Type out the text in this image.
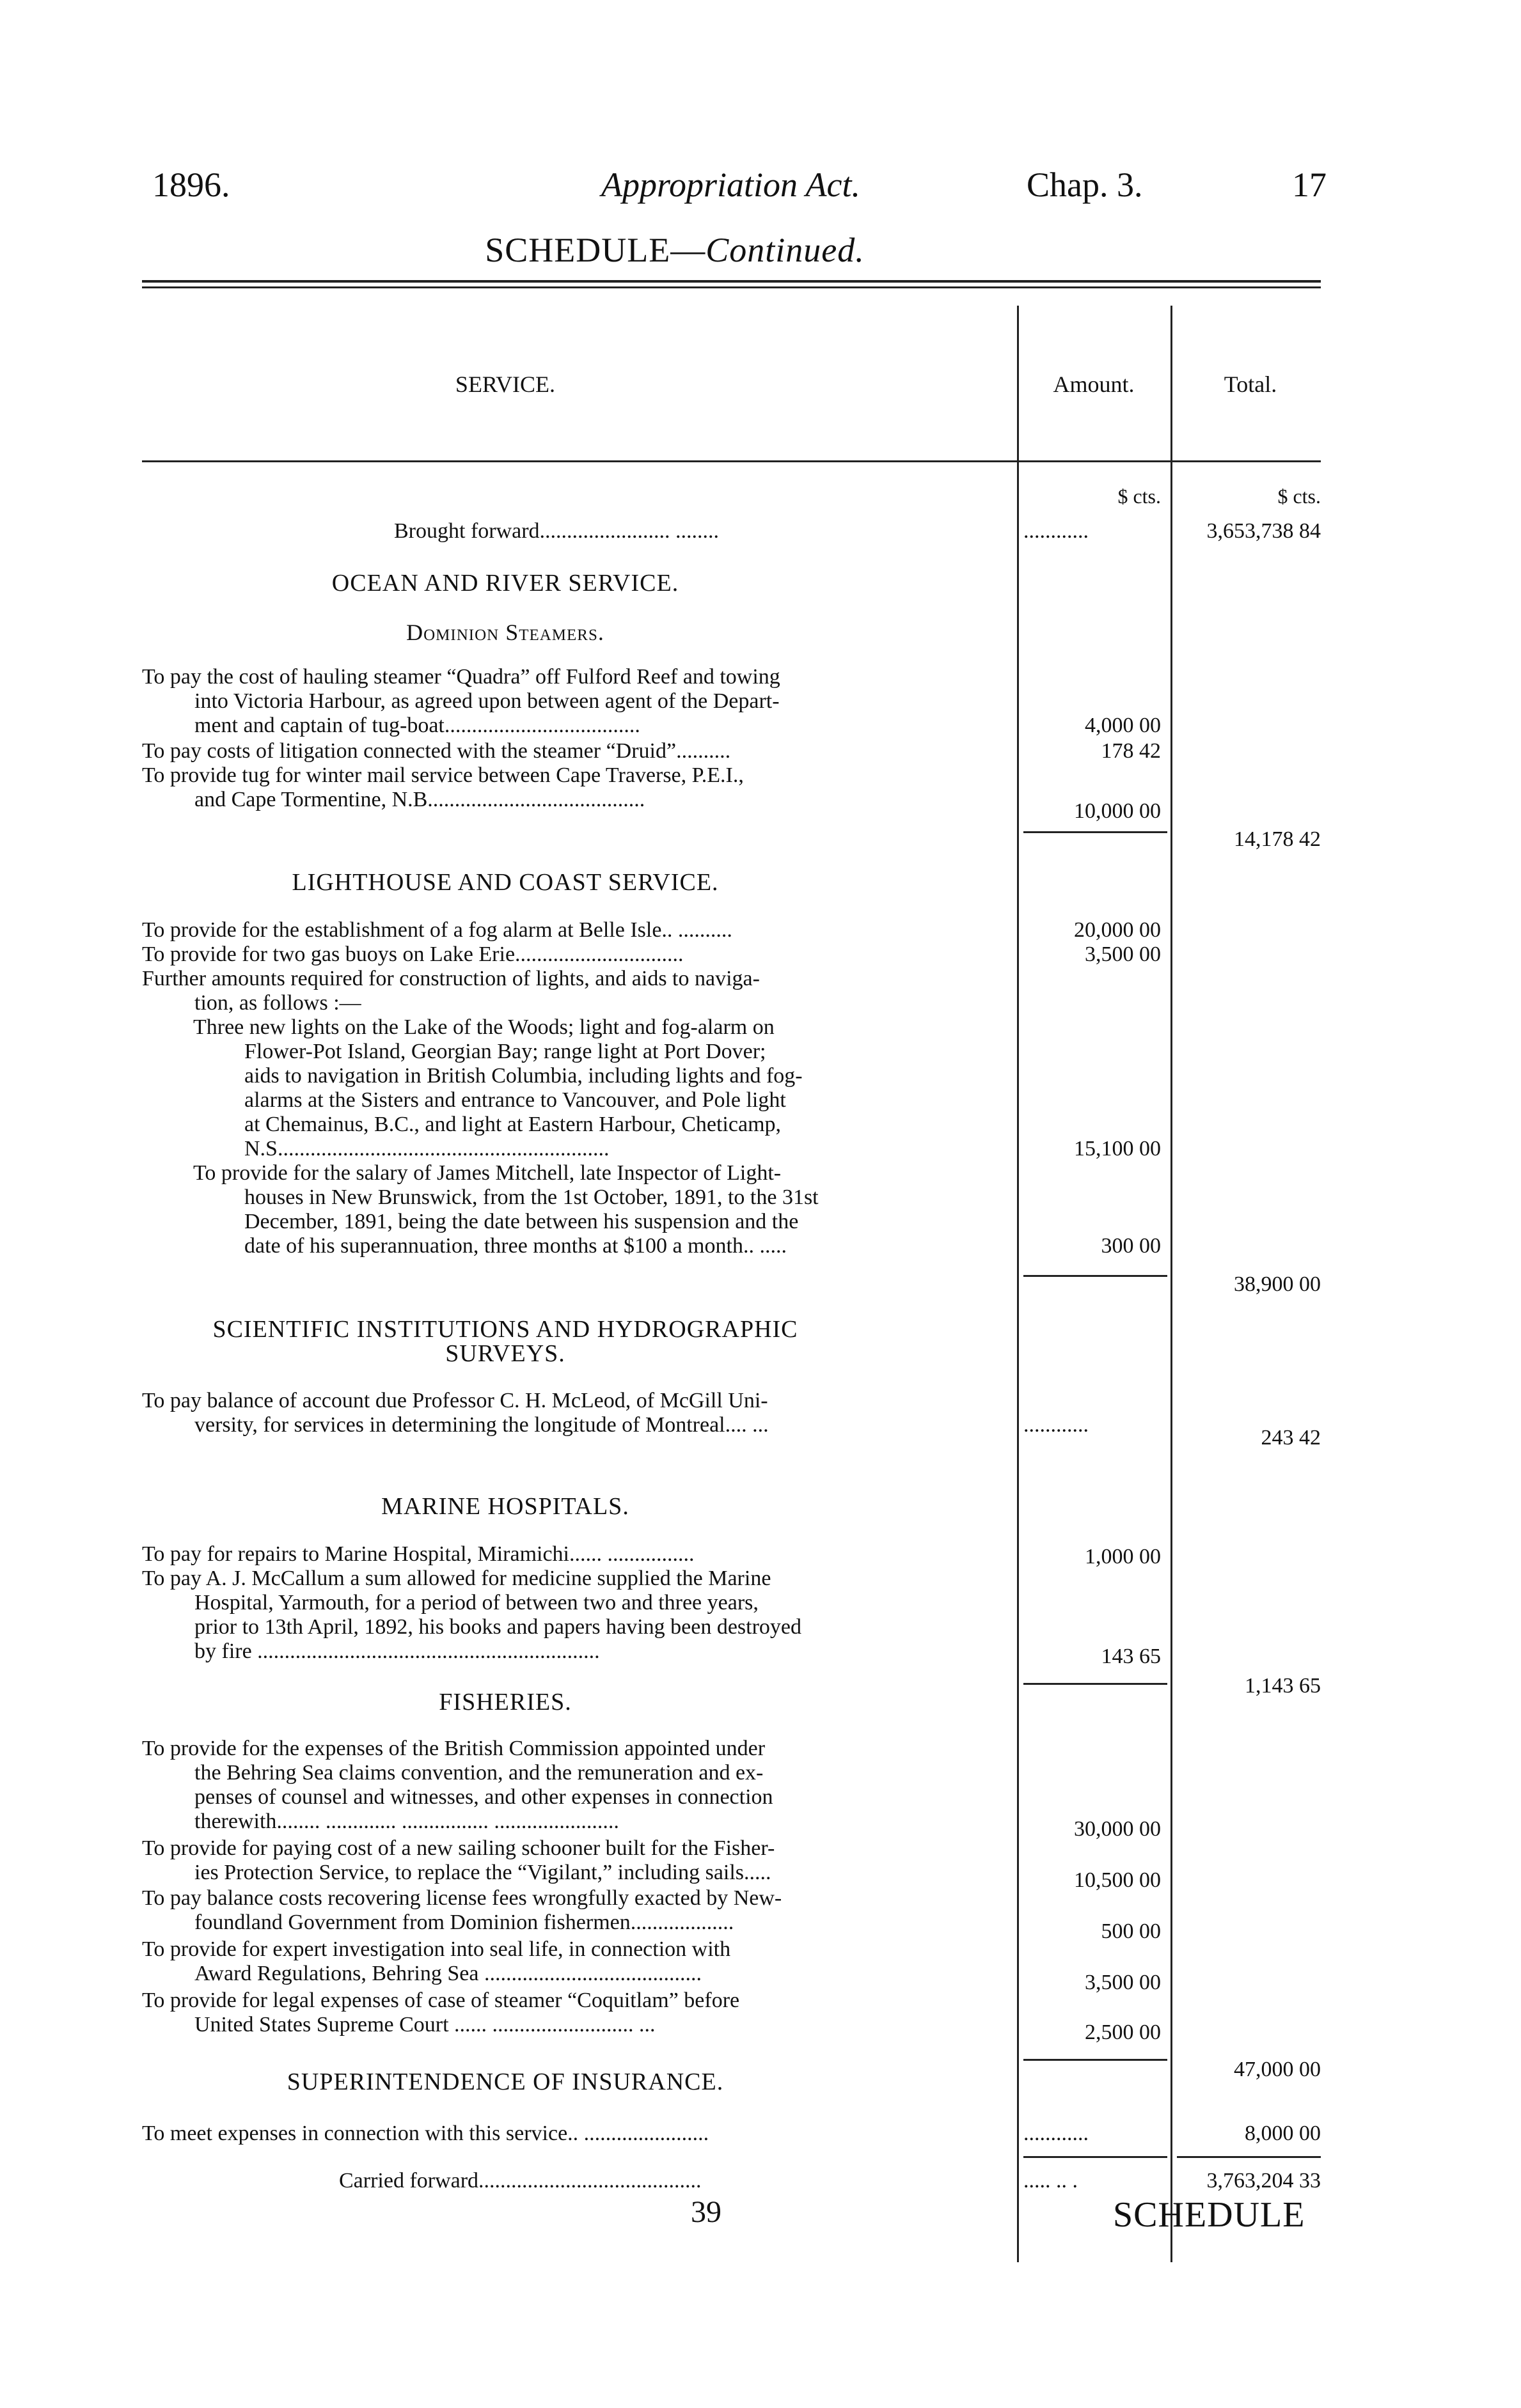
1896.	Appropriation Act.	Chap. 3.	17
SCHEDULE—Continued.
SERVICE.	Amount.	Total.
$ cts.	$ cts.
Brought forward........................ ........	............	3,653,738 84
OCEAN AND RIVER SERVICE.
Dominion Steamers.
To pay the cost of hauling steamer “Quadra” off Fulford Reef and towing
into Victoria Harbour, as agreed upon between agent of the Depart-
ment and captain of tug-boat....................................	4,000 00
To pay costs of litigation connected with the steamer “Druid”..........	178 42
To provide tug for winter mail service between Cape Traverse, P.E.I.,
and Cape Tormentine, N.B........................................	10,000 00
14,178 42
LIGHTHOUSE AND COAST SERVICE.
To provide for the establishment of a fog alarm at Belle Isle.. ..........	20,000 00
To provide for two gas buoys on Lake Erie...............................	3,500 00
Further amounts required for construction of lights, and aids to naviga-
tion, as follows :—
Three new lights on the Lake of the Woods; light and fog-alarm on
Flower-Pot Island, Georgian Bay; range light at Port Dover;
aids to navigation in British Columbia, including lights and fog-
alarms at the Sisters and entrance to Vancouver, and Pole light
at Chemainus, B.C., and light at Eastern Harbour, Cheticamp,
N.S.............................................................	15,100 00
To provide for the salary of James Mitchell, late Inspector of Light-
houses in New Brunswick, from the 1st October, 1891, to the 31st
December, 1891, being the date between his suspension and the
date of his superannuation, three months at $100 a month.. .....	300 00
38,900 00
SCIENTIFIC INSTITUTIONS AND HYDROGRAPHIC
SURVEYS.
To pay balance of account due Professor C. H. McLeod, of McGill Uni-
versity, for services in determining the longitude of Montreal.... ...	............
243 42
MARINE HOSPITALS.
To pay for repairs to Marine Hospital, Miramichi...... ................	1,000 00
To pay A. J. McCallum a sum allowed for medicine supplied the Marine
Hospital, Yarmouth, for a period of between two and three years,
prior to 13th April, 1892, his books and papers having been destroyed
by fire ...............................................................	143 65
1,143 65
FISHERIES.
To provide for the expenses of the British Commission appointed under
the Behring Sea claims convention, and the remuneration and ex-
penses of counsel and witnesses, and other expenses in connection
therewith........ ............. ................ .......................	30,000 00
To provide for paying cost of a new sailing schooner built for the Fisher-
ies Protection Service, to replace the “Vigilant,” including sails.....	10,500 00
To pay balance costs recovering license fees wrongfully exacted by New-
foundland Government from Dominion fishermen...................	500 00
To provide for expert investigation into seal life, in connection with
Award Regulations, Behring Sea ........................................	3,500 00
To provide for legal expenses of case of steamer “Coquitlam” before
United States Supreme Court ...... .......................... ...	2,500 00
47,000 00
SUPERINTENDENCE OF INSURANCE.
To meet expenses in connection with this service.. .......................	............	8,000 00
Carried forward.........................................	..... .. .	3,763,204 33
39	SCHEDULE
